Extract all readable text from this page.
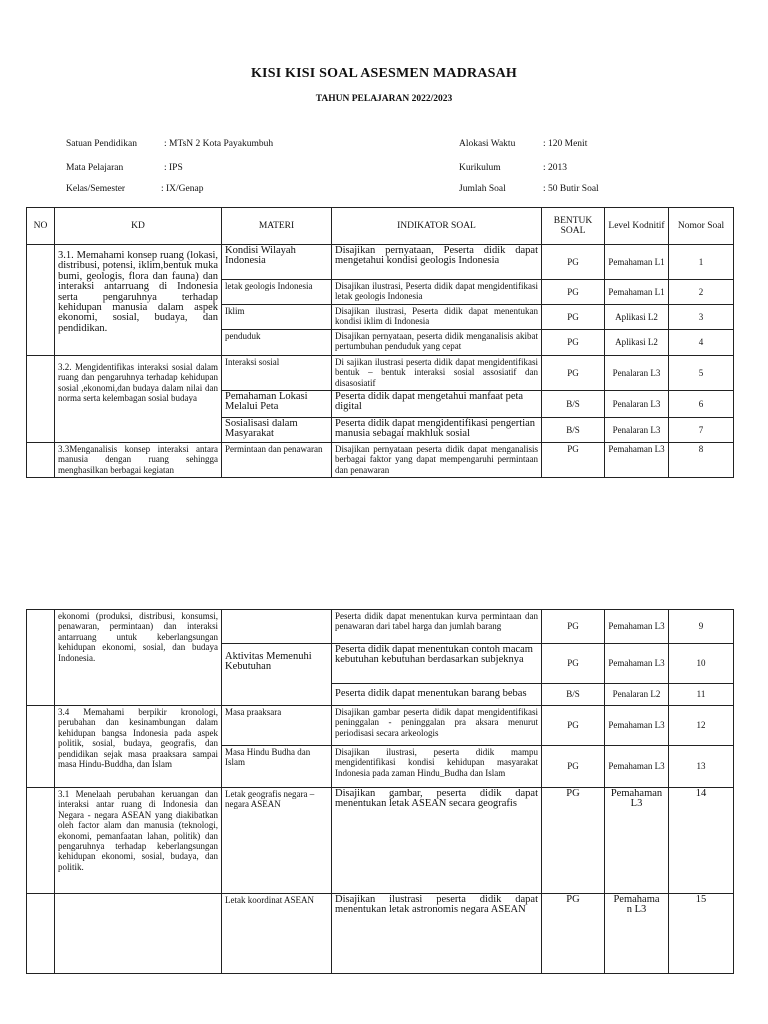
KISI KISI SOAL ASESMEN MADRASAH
TAHUN PELAJARAN 2022/2023
Satuan Pendidikan	: MTsN 2 Kota Payakumbuh
Mata Pelajaran	: IPS
Kelas/Semester	: IX/Genap
Alokasi Waktu	: 120 Menit
Kurikulum	: 2013
Jumlah Soal	: 50 Butir Soal
NO	KD	MATERI	INDIKATOR SOAL	BENTUK SOAL	Level Kodnitif	Nomor Soal
	3.1. Memahami konsep ruang (lokasi, distribusi, potensi, iklim,bentuk muka bumi, geologis, flora dan fauna) dan interaksi antarruang di Indonesia serta pengaruhnya terhadap kehidupan manusia dalam aspek ekonomi, sosial, budaya, dan pendidikan.	Kondisi Wilayah Indonesia	Disajikan pernyataan, Peserta didik dapat mengetahui kondisi geologis Indonesia	PG	Pemahaman L1	1
		letak geologis Indonesia	Disajikan ilustrasi, Peserta didik dapat mengidentifikasi letak geologis Indonesia	PG	Pemahaman L1	2
		Iklim	Disajikan ilustrasi, Peserta didik dapat menentukan kondisi iklim di Indonesia	PG	Aplikasi L2	3
		penduduk	Disajikan pernyataan, peserta didik menganalisis akibat pertumbuhan penduduk yang cepat	PG	Aplikasi L2	4
	3.2. Mengidentifikas interaksi sosial dalam ruang dan pengaruhnya terhadap kehidupan sosial ,ekonomi,dan budaya dalam nilai dan norma serta kelembagan sosial budaya	Interaksi sosial	Di sajikan ilustrasi peserta didik dapat mengidentifikasi bentuk – bentuk interaksi sosial assosiatif dan disasosiatif	PG	Penalaran L3	5
		Pemahaman Lokasi Melalui Peta	Peserta didik dapat mengetahui manfaat peta digital	B/S	Penalaran L3	6
		Sosialisasi dalam Masyarakat	Peserta didik dapat mengidentifikasi pengertian manusia sebagai makhluk sosial	B/S	Penalaran L3	7
	3.3Menganalisis konsep interaksi antara manusia dengan ruang sehingga menghasilkan berbagai kegiatan	Permintaan dan penawaran	Disajikan pernyataan peserta didik dapat menganalisis berbagai faktor yang dapat mempengaruhi permintaan dan penawaran	PG	Pemahaman L3	8
	ekonomi (produksi, distribusi, konsumsi, penawaran, permintaan) dan interaksi antarruang untuk keberlangsungan kehidupan ekonomi, sosial, dan budaya Indonesia.		Peserta didik dapat menentukan kurva permintaan dan penawaran dari tabel harga dan jumlah barang	PG	Pemahaman L3	9
		Aktivitas Memenuhi Kebutuhan	Peserta didik dapat menentukan contoh macam kebutuhan kebutuhan berdasarkan subjeknya	PG	Pemahaman L3	10
			Peserta didik dapat menentukan barang bebas	B/S	Penalaran L2	11
	3.4 Memahami berpikir kronologi, perubahan dan kesinambungan dalam kehidupan bangsa Indonesia pada aspek politik, sosial, budaya, geografis, dan pendidikan sejak masa praaksara sampai masa Hindu-Buddha, dan Islam	Masa praaksara	Disajikan gambar peserta didik dapat mengidentifikasi peninggalan - peninggalan pra aksara menurut periodisasi secara arkeologis	PG	Pemahaman L3	12
		Masa Hindu Budha dan Islam	Disajikan ilustrasi, peserta didik mampu mengidentifikasi kondisi kehidupan masyarakat Indonesia pada zaman Hindu_Budha dan Islam	PG	Pemahaman L3	13
	3.1 Menelaah perubahan keruangan dan interaksi antar ruang di Indonesia dan Negara - negara ASEAN yang diakibatkan oleh factor alam dan manusia (teknologi, ekonomi, pemanfaatan lahan, politik) dan pengaruhnya terhadap keberlangsungan kehidupan ekonomi, sosial, budaya, dan politik.	Letak geografis negara – negara ASEAN	Disajikan gambar, peserta didik dapat menentukan letak ASEAN secara geografis	PG	Pemahaman L3	14
		Letak koordinat ASEAN	Disajikan ilustrasi peserta didik dapat menentukan letak astronomis negara ASEAN	PG	Pemahama n L3	15
